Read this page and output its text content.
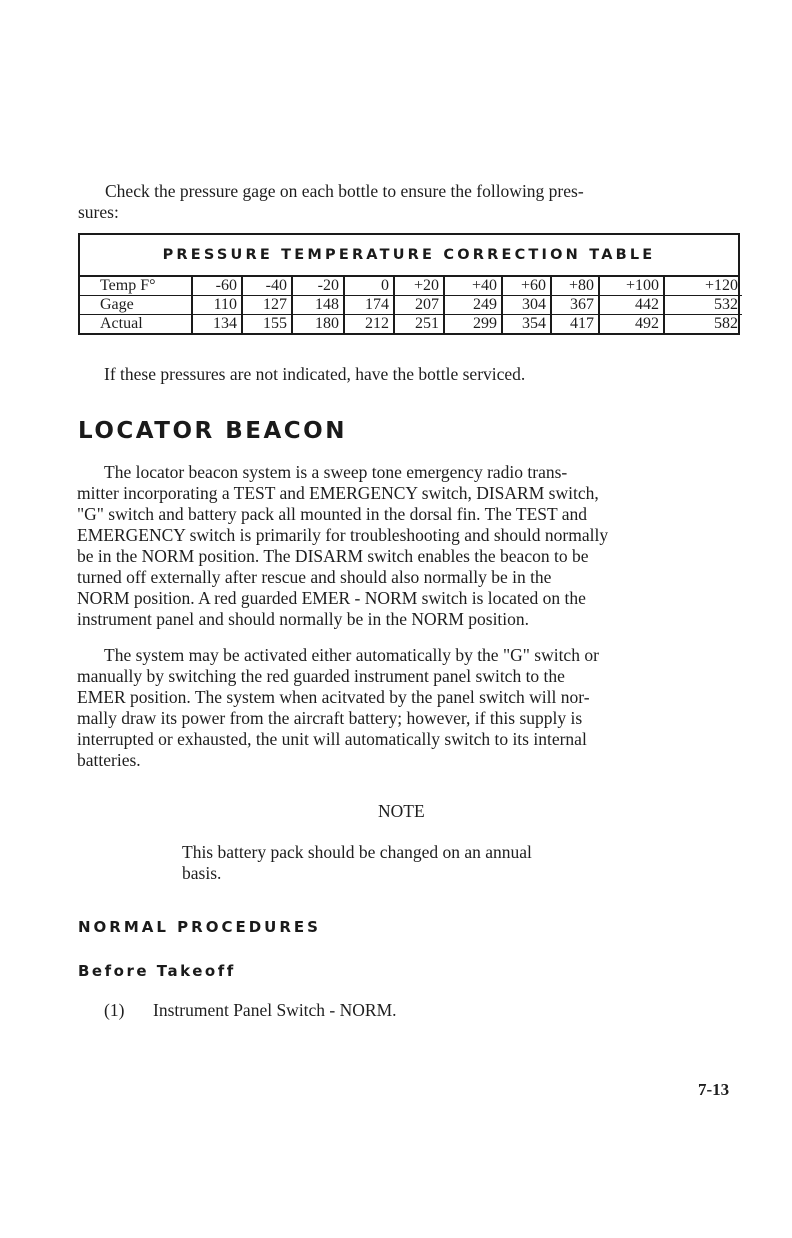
Check the pressure gage on each bottle to ensure the following pres-
sures:
PRESSURE TEMPERATURE CORRECTION TABLE
Temp F°	-60	-40	-20	0	+20	+40	+60	+80	+100	+120
Gage	110	127	148	174	207	249	304	367	442	532
Actual	134	155	180	212	251	299	354	417	492	582
If these pressures are not indicated, have the bottle serviced.
LOCATOR BEACON
The locator beacon system is a sweep tone emergency radio trans-
mitter incorporating a TEST and EMERGENCY switch, DISARM switch,
"G" switch and battery pack all mounted in the dorsal fin. The TEST and
EMERGENCY switch is primarily for troubleshooting and should normally
be in the NORM position. The DISARM switch enables the beacon to be
turned off externally after rescue and should also normally be in the
NORM position. A red guarded EMER - NORM switch is located on the
instrument panel and should normally be in the NORM position.
The system may be activated either automatically by the "G" switch or
manually by switching the red guarded instrument panel switch to the
EMER position. The system when acitvated by the panel switch will nor-
mally draw its power from the aircraft battery; however, if this supply is
interrupted or exhausted, the unit will automatically switch to its internal
batteries.
NOTE
This battery pack should be changed on an annual
basis.
NORMAL PROCEDURES
Before Takeoff
(1) Instrument Panel Switch - NORM.
7-13
